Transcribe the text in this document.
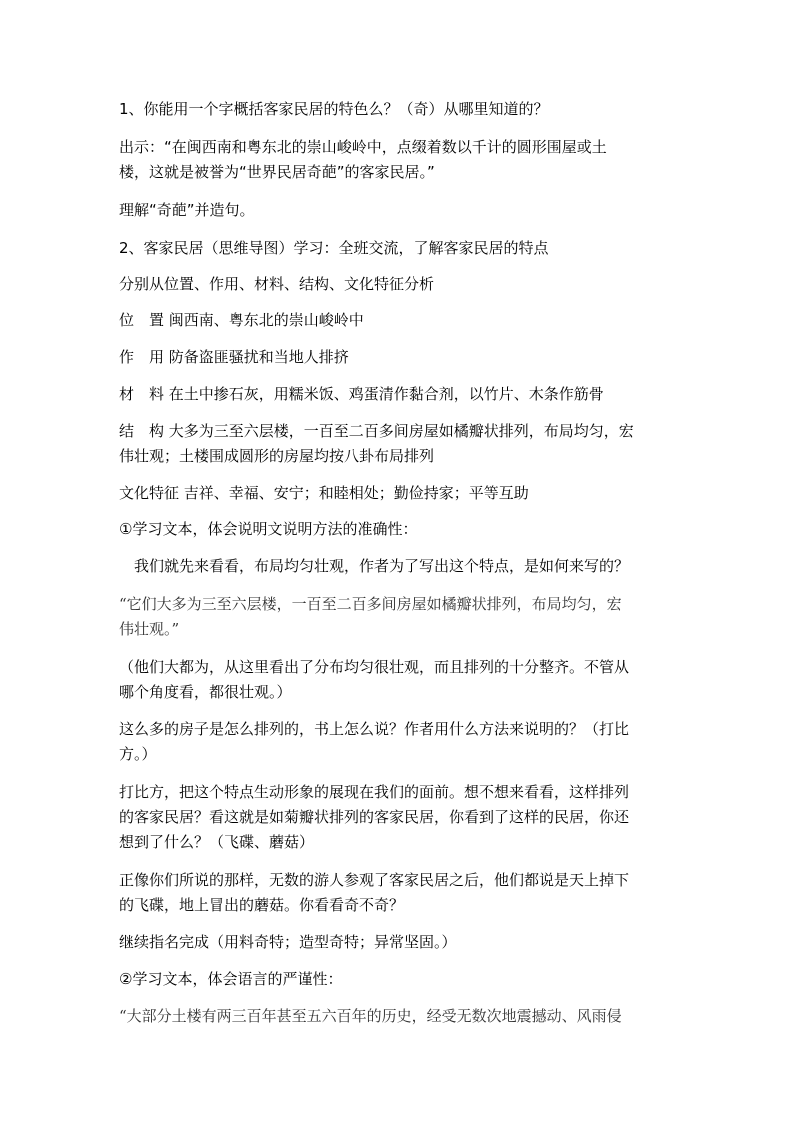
1、你能用一个字概括客家民居的特色么？（奇）从哪里知道的？

出示：“在闽西南和粤东北的崇山峻岭中，点缀着数以千计的圆形围屋或土

楼，这就是被誉为“世界民居奇葩”的客家民居。”

理解“奇葩”并造句。

2、客家民居（思维导图）学习：全班交流，了解客家民居的特点

分别从位置、作用、材料、结构、文化特征分析

位　置 闽西南、粤东北的崇山峻岭中

作　用 防备盗匪骚扰和当地人排挤

材　料 在土中掺石灰，用糯米饭、鸡蛋清作黏合剂，以竹片、木条作筋骨

结　构 大多为三至六层楼，一百至二百多间房屋如橘瓣状排列，布局均匀，宏

伟壮观；土楼围成圆形的房屋均按八卦布局排列

文化特征 吉祥、幸福、安宁；和睦相处；勤俭持家；平等互助

①学习文本，体会说明文说明方法的准确性：

我们就先来看看，布局均匀壮观，作者为了写出这个特点，是如何来写的？

“它们大多为三至六层楼，一百至二百多间房屋如橘瓣状排列，布局均匀，宏

伟壮观。”

（他们大都为，从这里看出了分布均匀很壮观，而且排列的十分整齐。不管从

哪个角度看，都很壮观。）

这么多的房子是怎么排列的，书上怎么说？作者用什么方法来说明的？（打比

方。）

打比方，把这个特点生动形象的展现在我们的面前。想不想来看看，这样排列

的客家民居？看这就是如菊瓣状排列的客家民居，你看到了这样的民居，你还

想到了什么？（飞碟、蘑菇）

正像你们所说的那样，无数的游人参观了客家民居之后，他们都说是天上掉下

的飞碟，地上冒出的蘑菇。你看看奇不奇？

继续指名完成（用料奇特；造型奇特；异常坚固。）

②学习文本，体会语言的严谨性：

“大部分土楼有两三百年甚至五六百年的历史，经受无数次地震撼动、风雨侵
